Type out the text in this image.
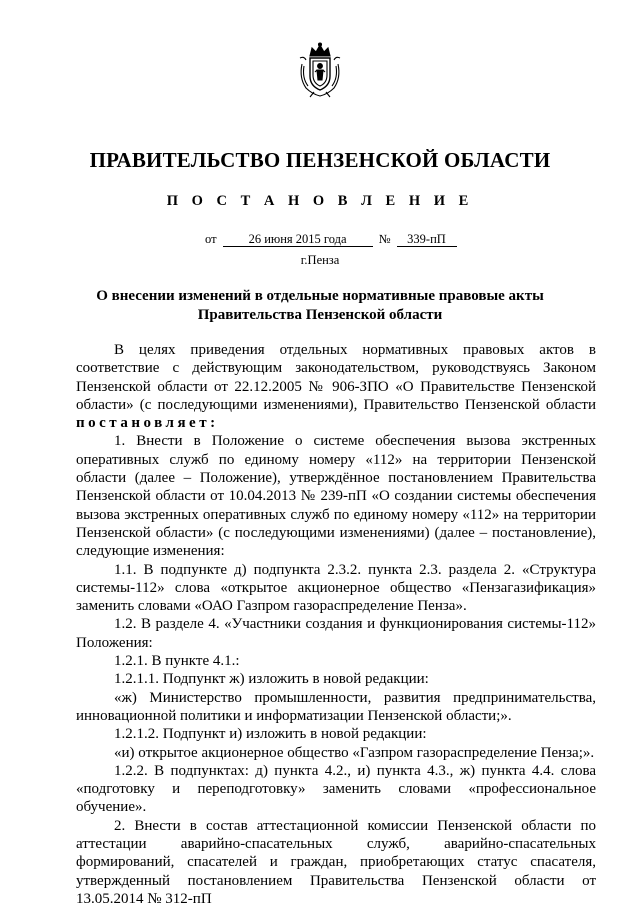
ПРАВИТЕЛЬСТВО ПЕНЗЕНСКОЙ ОБЛАСТИ
П О С Т А Н О В Л Е Н И Е
от	26 июня 2015 года	№ 339-пП
г.Пенза
О внесении изменений в отдельные нормативные правовые акты
Правительства Пензенской области

В целях приведения отдельных нормативных правовых актов в соответствие с действующим законодательством, руководствуясь Законом Пензенской области от 22.12.2005 № 906-ЗПО «О Правительстве Пензенской области» (с последующими изменениями), Правительство Пензенской области постановляет:

1. Внести в Положение о системе обеспечения вызова экстренных оперативных служб по единому номеру «112» на территории Пензенской области (далее – Положение), утверждённое постановлением Правительства Пензенской области от 10.04.2013 № 239-пП «О создании системы обеспечения вызова экстренных оперативных служб по единому номеру «112» на территории Пензенской области» (с последующими изменениями) (далее – постановление), следующие изменения:

1.1. В подпункте д) подпункта 2.3.2. пункта 2.3. раздела 2. «Структура системы-112» слова «открытое акционерное общество «Пензагазификация» заменить словами «ОАО Газпром газораспределение Пенза».

1.2. В разделе 4. «Участники создания и функционирования системы-112» Положения:

1.2.1. В пункте 4.1.:

1.2.1.1. Подпункт ж) изложить в новой редакции:

«ж) Министерство промышленности, развития предпринимательства, инновационной политики и информатизации Пензенской области;».

1.2.1.2. Подпункт и) изложить в новой редакции:

«и) открытое акционерное общество «Газпром газораспределение Пенза;».

1.2.2. В подпунктах: д) пункта 4.2., и) пункта 4.3., ж) пункта 4.4. слова «подготовку и переподготовку» заменить словами «профессиональное обучение».

2. Внести в состав аттестационной комиссии Пензенской области по аттестации аварийно-спасательных служб, аварийно-спасательных формирований, спасателей и граждан, приобретающих статус спасателя, утвержденный постановлением Правительства Пензенской области от 13.05.2014 № 312-пП
